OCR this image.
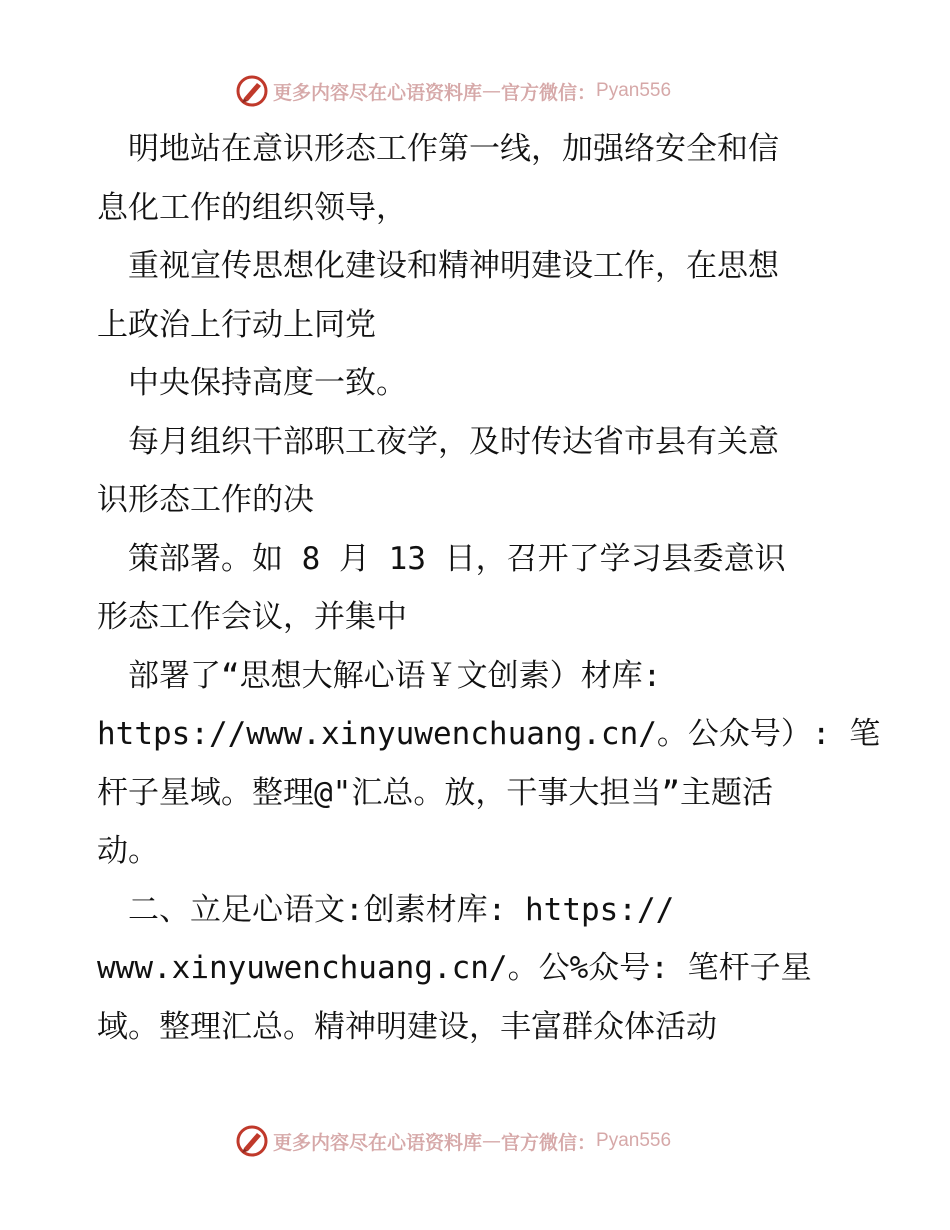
更多内容尽在心语资料库 — 官方微信： Pyan556
　明地站在意识形态工作第一线，加强络安全和信
息化工作的组织领导，
　重视宣传思想化建设和精神明建设工作，在思想
上政治上行动上同党
　中央保持高度一致。
　每月组织干部职工夜学，及时传达省市县有关意
识形态工作的决
　策部署。如 8 月 13 日，召开了学习县委意识
形态工作会议，并集中
　部署了“思想大解心语￥文创素）材库:
https://www.xinyuwenchuang.cn/。公众号）: 笔
杆子星域。整理@"汇总。放，干事大担当”主题活
动。
　二、立足心语文:创素材库: https://
www.xinyuwenchuang.cn/。公%众号: 笔杆子星
域。整理汇总。精神明建设，丰富群众体活动
更多内容尽在心语资料库 — 官方微信： Pyan556
